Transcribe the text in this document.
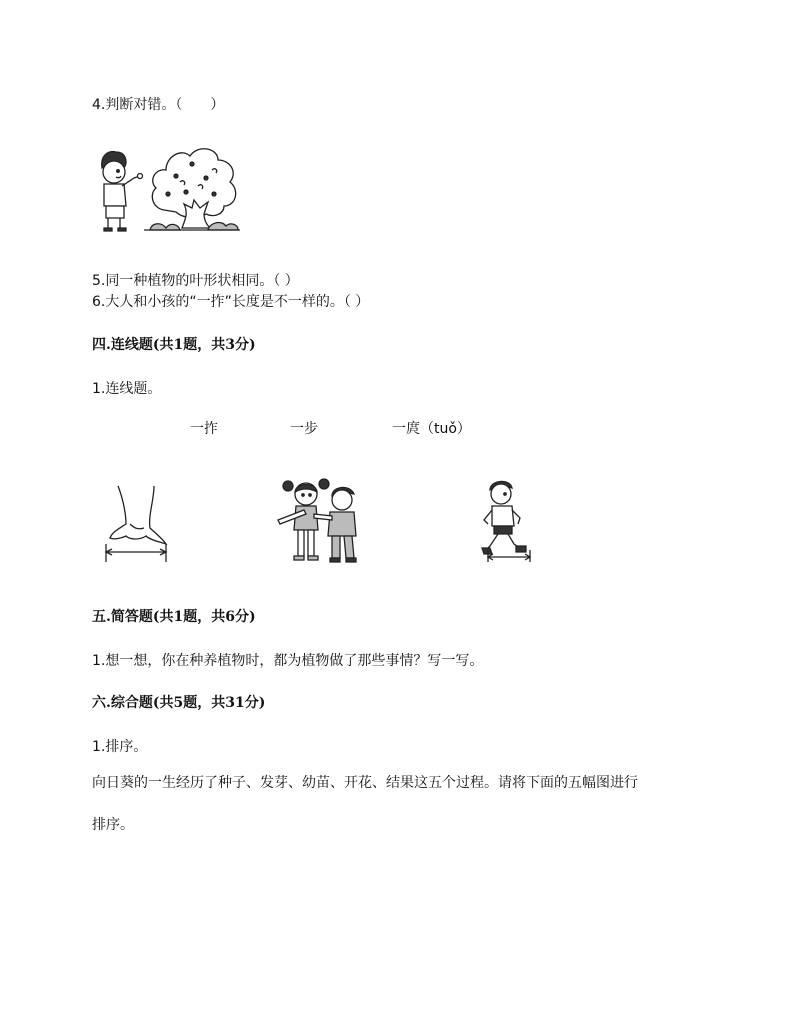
4.判断对错。（　　）
5.同一种植物的叶形状相同。（ ）
6.大人和小孩的“一拃”长度是不一样的。（ ）
四.连线题(共1题，共3分)
1.连线题。
一拃	一步	一庹（tuǒ）
五.简答题(共1题，共6分)
1.想一想，你在种养植物时，都为植物做了那些事情？写一写。
六.综合题(共5题，共31分)
1.排序。
向日葵的一生经历了种子、发芽、幼苗、开花、结果这五个过程。请将下面的五幅图进行
排序。
